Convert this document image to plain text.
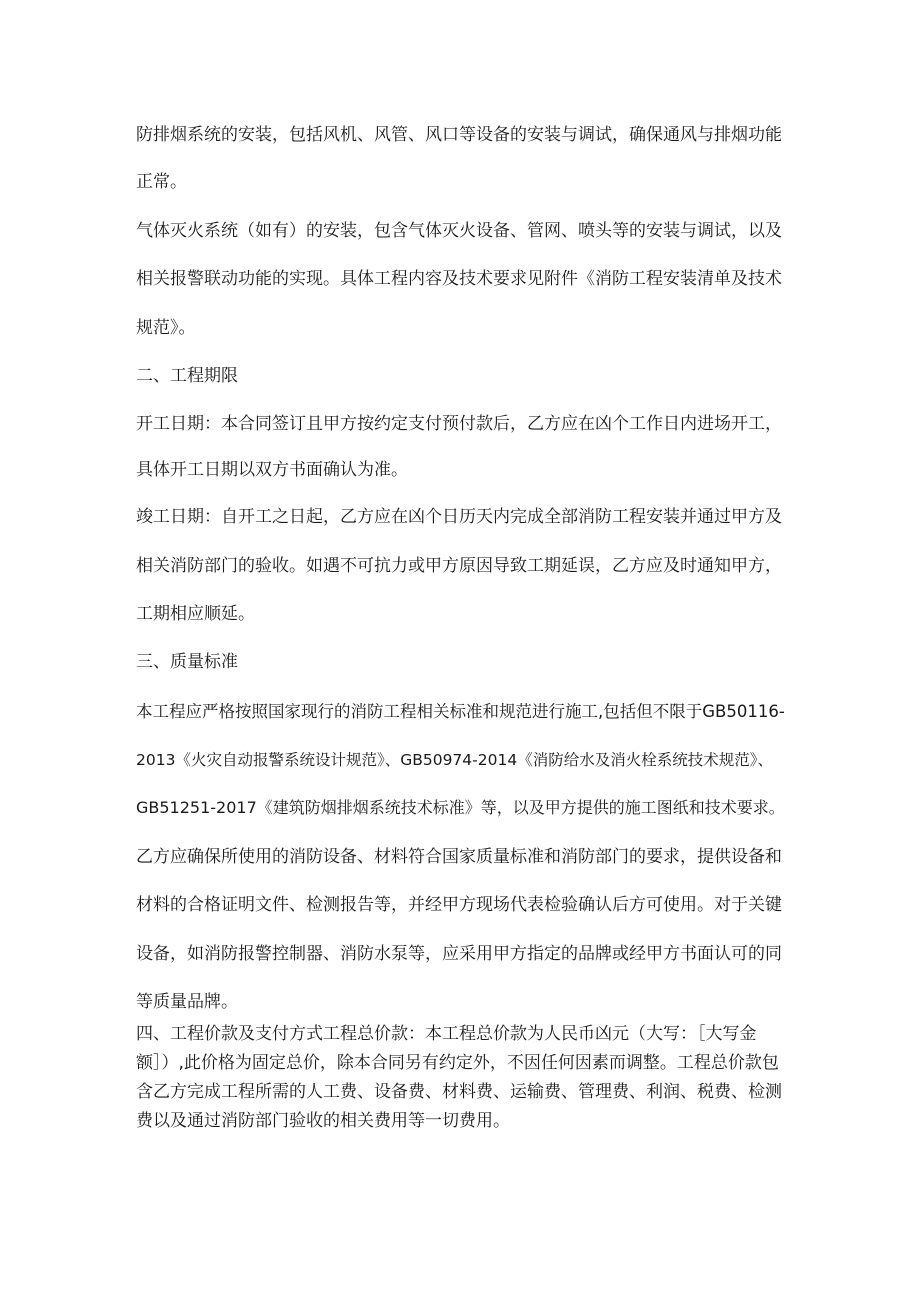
防排烟系统的安装，包括风机、风管、风口等设备的安装与调试，确保通风与排烟功能
正常。
气体灭火系统（如有）的安装，包含气体灭火设备、管网、喷头等的安装与调试，以及
相关报警联动功能的实现。具体工程内容及技术要求见附件《消防工程安装清单及技术
规范》。
二、工程期限
开工日期：本合同签订且甲方按约定支付预付款后，乙方应在凶个工作日内进场开工，
具体开工日期以双方书面确认为准。
竣工日期：自开工之日起，乙方应在凶个日历天内完成全部消防工程安装并通过甲方及
相关消防部门的验收。如遇不可抗力或甲方原因导致工期延误，乙方应及时通知甲方，
工期相应顺延。
三、质量标准
本工程应严格按照国家现行的消防工程相关标准和规范进行施工,包括但不限于GB50116-
2013《火灾自动报警系统设计规范》、GB50974-2014《消防给水及消火栓系统技术规范》、
GB51251-2017《建筑防烟排烟系统技术标准》等，以及甲方提供的施工图纸和技术要求。
乙方应确保所使用的消防设备、材料符合国家质量标准和消防部门的要求，提供设备和
材料的合格证明文件、检测报告等，并经甲方现场代表检验确认后方可使用。对于关键
设备，如消防报警控制器、消防水泵等，应采用甲方指定的品牌或经甲方书面认可的同
等质量品牌。
四、工程价款及支付方式工程总价款：本工程总价款为人民币凶元（大写：［大写金
额］）,此价格为固定总价，除本合同另有约定外，不因任何因素而调整。工程总价款包
含乙方完成工程所需的人工费、设备费、材料费、运输费、管理费、利润、税费、检测
费以及通过消防部门验收的相关费用等一切费用。
